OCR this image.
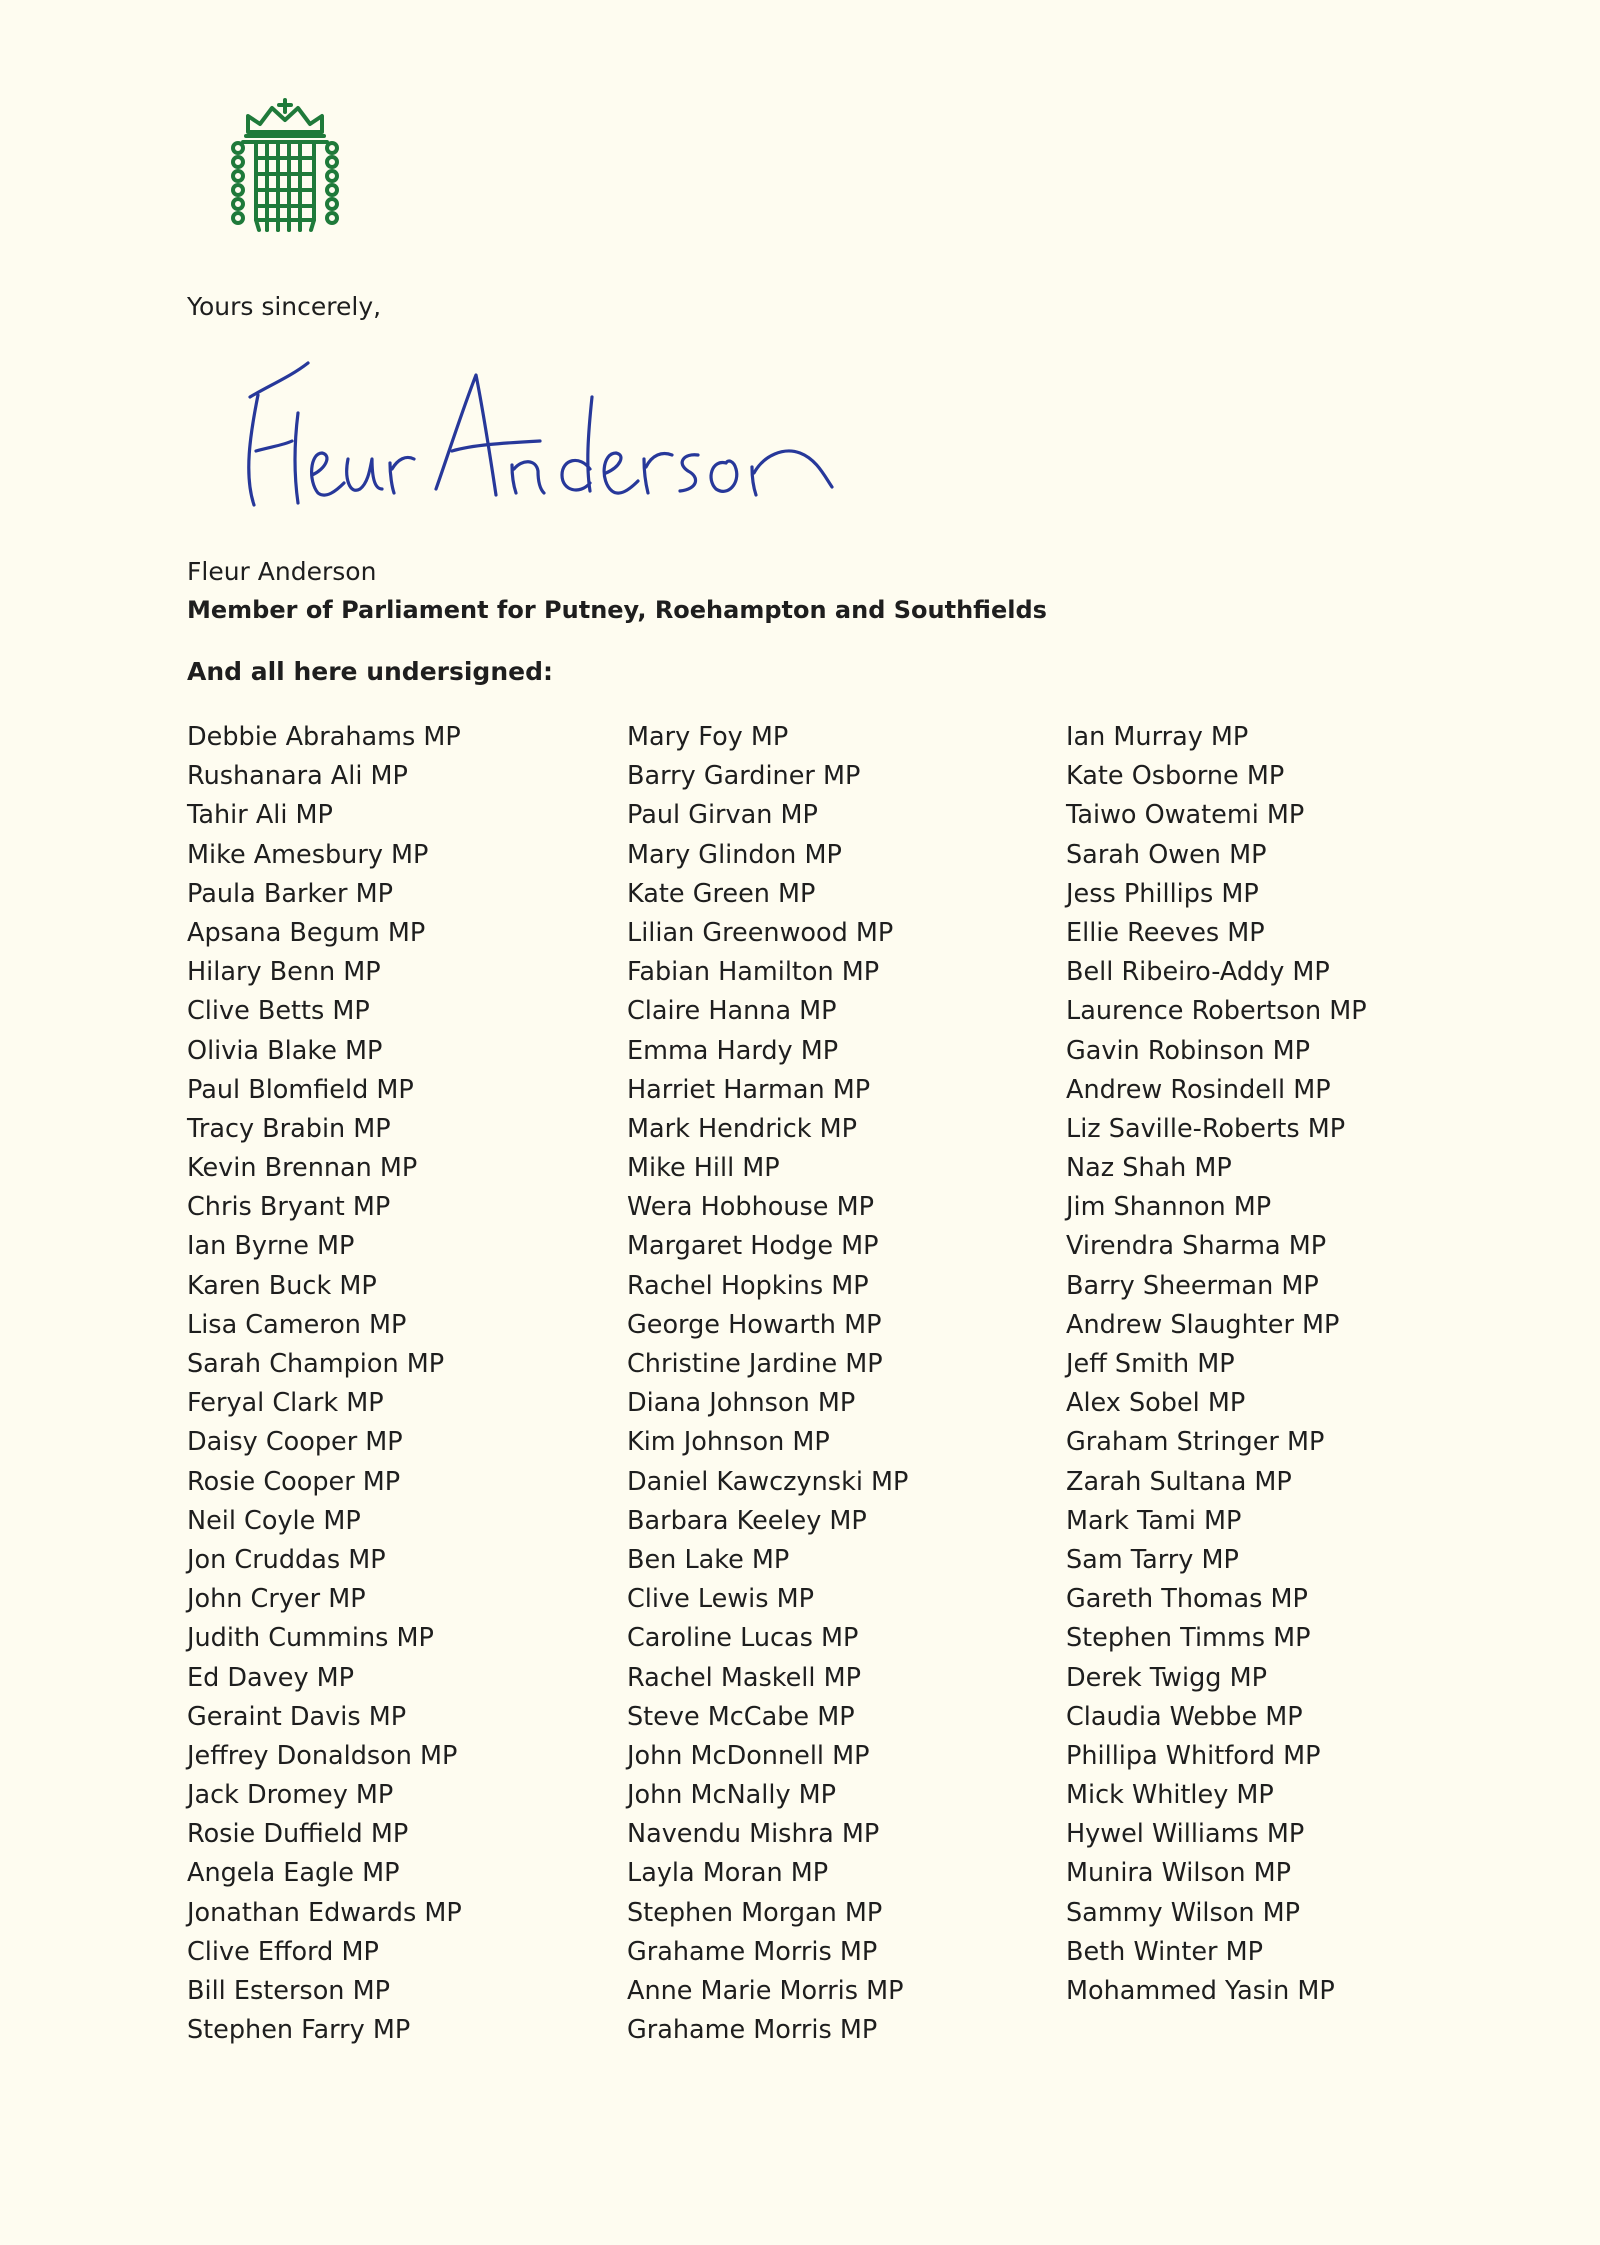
Yours sincerely,
Fleur Anderson
Member of Parliament for Putney, Roehampton and Southfields
And all here undersigned:
Debbie Abrahams MP
Rushanara Ali MP
Tahir Ali MP
Mike Amesbury MP
Paula Barker MP
Apsana Begum MP
Hilary Benn MP
Clive Betts MP
Olivia Blake MP
Paul Blomfield MP
Tracy Brabin MP
Kevin Brennan MP
Chris Bryant MP
Ian Byrne MP
Karen Buck MP
Lisa Cameron MP
Sarah Champion MP
Feryal Clark MP
Daisy Cooper MP
Rosie Cooper MP
Neil Coyle MP
Jon Cruddas MP
John Cryer MP
Judith Cummins MP
Ed Davey MP
Geraint Davis MP
Jeffrey Donaldson MP
Jack Dromey MP
Rosie Duffield MP
Angela Eagle MP
Jonathan Edwards MP
Clive Efford MP
Bill Esterson MP
Stephen Farry MP
Mary Foy MP
Barry Gardiner MP
Paul Girvan MP
Mary Glindon MP
Kate Green MP
Lilian Greenwood MP
Fabian Hamilton MP
Claire Hanna MP
Emma Hardy MP
Harriet Harman MP
Mark Hendrick MP
Mike Hill MP
Wera Hobhouse MP
Margaret Hodge MP
Rachel Hopkins MP
George Howarth MP
Christine Jardine MP
Diana Johnson MP
Kim Johnson MP
Daniel Kawczynski MP
Barbara Keeley MP
Ben Lake MP
Clive Lewis MP
Caroline Lucas MP
Rachel Maskell MP
Steve McCabe MP
John McDonnell MP
John McNally MP
Navendu Mishra MP
Layla Moran MP
Stephen Morgan MP
Grahame Morris MP
Anne Marie Morris MP
Grahame Morris MP
Ian Murray MP
Kate Osborne MP
Taiwo Owatemi MP
Sarah Owen MP
Jess Phillips MP
Ellie Reeves MP
Bell Ribeiro-Addy MP
Laurence Robertson MP
Gavin Robinson MP
Andrew Rosindell MP
Liz Saville-Roberts MP
Naz Shah MP
Jim Shannon MP
Virendra Sharma MP
Barry Sheerman MP
Andrew Slaughter MP
Jeff Smith MP
Alex Sobel MP
Graham Stringer MP
Zarah Sultana MP
Mark Tami MP
Sam Tarry MP
Gareth Thomas MP
Stephen Timms MP
Derek Twigg MP
Claudia Webbe MP
Phillipa Whitford MP
Mick Whitley MP
Hywel Williams MP
Munira Wilson MP
Sammy Wilson MP
Beth Winter MP
Mohammed Yasin MP
